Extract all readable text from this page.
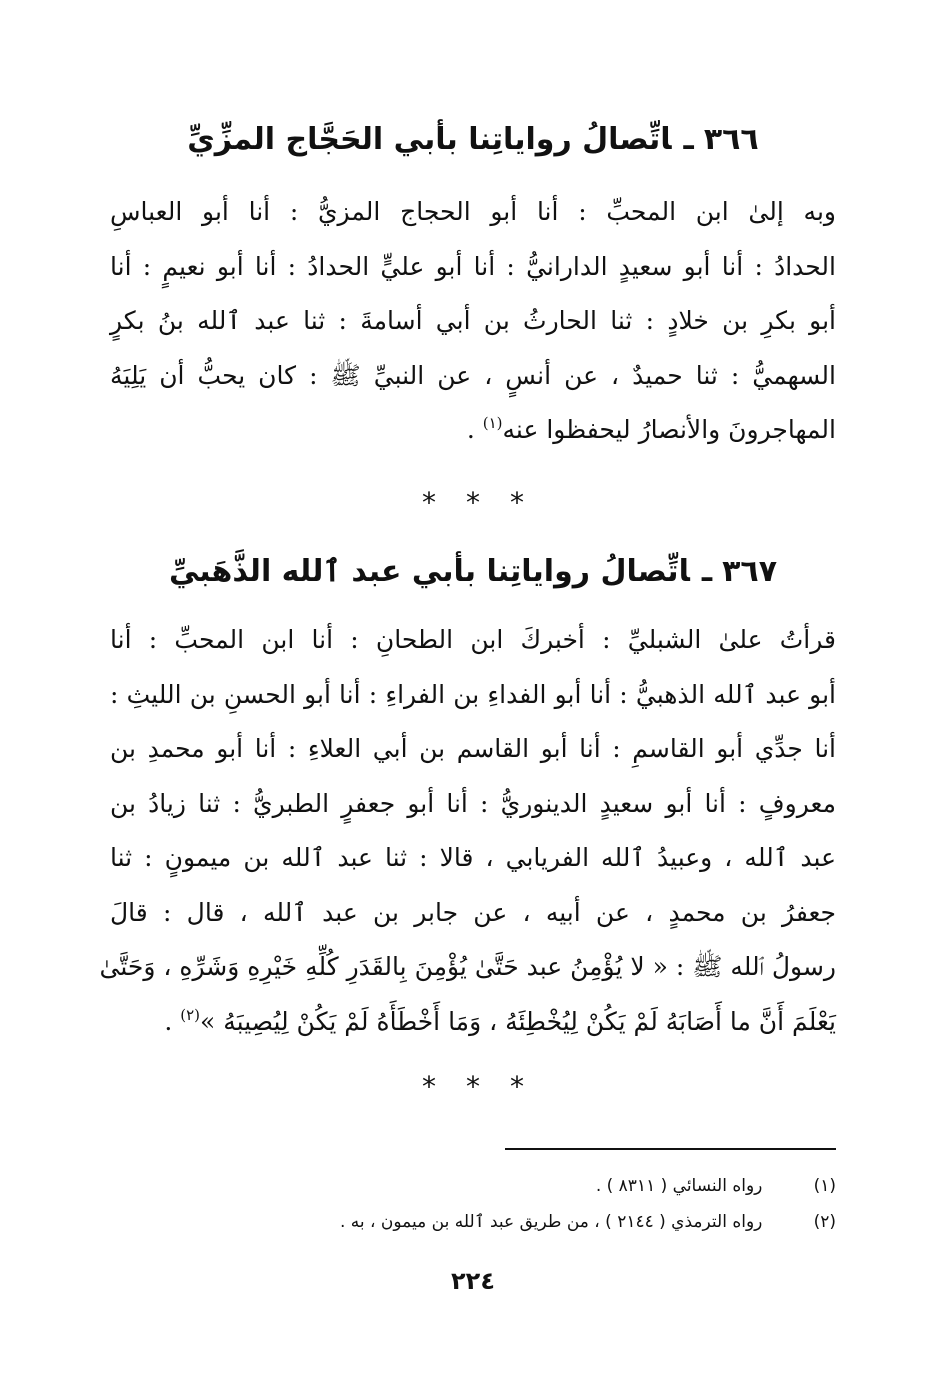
٣٦٦ـاتِّصالُ رواياتِنا بأبي الحَجَّاج المزِّيِّ
وبه إلىٰ ابن المحبِّ : أنا أبو الحجاج المزيُّ : أنا أبو العباسِ
الحدادُ : أنا أبو سعيدٍ الدارانيُّ : أنا أبو عليٍّ الحدادُ : أنا أبو نعيمٍ : أنا
أبو بكرِ بن خلادٍ : ثنا الحارثُ بن أبي أسامةَ : ثنا عبد ٱلله بنُ بكرٍ
السهميُّ : ثنا حميدٌ ، عن أنسٍ ، عن النبيِّ ﷺ : كان يحبُّ أن يَلِيَهُ
المهاجرونَ والأنصارُ ليحفظوا عنه$^{(١)}$ .
* * *
٣٦٧ـاتِّصالُ رواياتِنا بأبي عبد ٱلله الذَّهَبيِّ
قرأتُ علىٰ الشبليِّ : أخبركَ ابن الطحانِ : أنا ابن المحبِّ : أنا
أبو عبد ٱلله الذهبيُّ : أنا أبو الفداءِ بن الفراءِ : أنا أبو الحسنِ بن الليثِ :
أنا جدِّي أبو القاسمِ : أنا أبو القاسم بن أبي العلاءِ : أنا أبو محمدِ بن
معروفٍ : أنا أبو سعيدٍ الدينوريُّ : أنا أبو جعفرٍ الطبريُّ : ثنا زيادُ بن
عبد ٱلله ، وعبيدُ ٱلله الفريابي ، قالا : ثنا عبد ٱلله بن ميمونٍ : ثنا
جعفرُ بن محمدٍ ، عن أبيه ، عن جابر بن عبد ٱلله ، قال : قالَ
رسولُ ٱلله ﷺ : « لا يُؤْمِنُ عبد حَتَّىٰ يُؤْمِنَ بِالقَدَرِ كُلِّهِ خَيْرِهِ وَشَرِّهِ ، وَحَتَّىٰ
يَعْلَمَ أَنَّ ما أَصَابَهُ لَمْ يَكُنْ لِيُخْطِئَهُ ، وَمَا أَخْطَأَهُ لَمْ يَكُنْ لِيُصِيبَهُ »$^{(٢)}$ .
* * *
(١)    رواه النسائي ( ٨٣١١ ) .
(٢)    رواه الترمذي ( ٢١٤٤ ) ، من طريق عبد ٱلله بن ميمون ، به .
٢٢٤
